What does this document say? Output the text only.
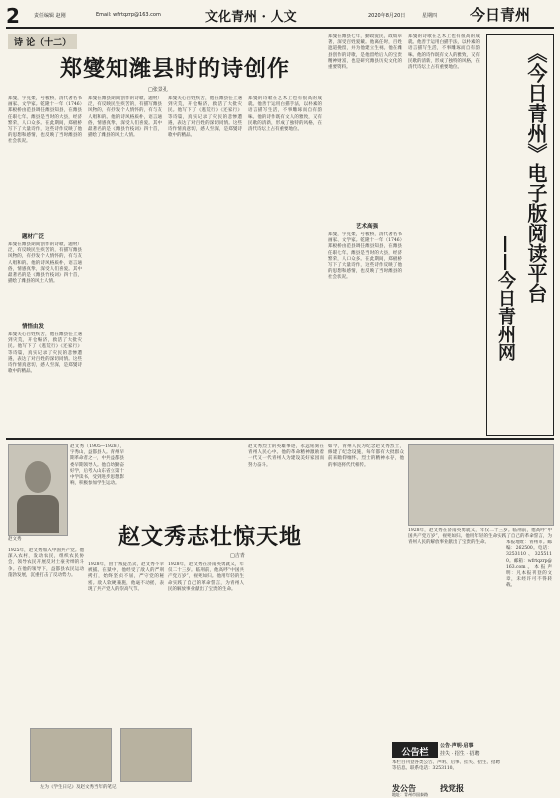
2	责任编辑 赵刚	Email: wfrtqzrp@163.com	文化青州 · 人文	2020年8月20日	星期四 今日青州
诗 论（十二）
郑燮知潍县时的诗创作
□张景孔
郑燮，字克柔，号板桥，清代著名书画家、文学家。乾隆十一年（1746）郑板桥由范县调任潍县知县，在潍县任职七年。潍县是当时的大县，经济繁荣，人口众多。在此期间，郑板桥写下了大量诗作，这些诗作反映了他的思想和感情，也反映了当时潍县的社会状况。
题材广泛
郑燮在潍县期间创作的诗歌，题材广泛，有反映民生疾苦的，有描写潍县风物的，有抒发个人情怀的，有与友人唱和的。他的诗风格质朴，语言通俗，情感真挚，深受人们喜爱。其中最著名的是《潍县竹枝词》四十首，描绘了潍县的风土人情。
情悟由发
郑燮关心百姓疾苦，他在潍县任上遇到灾荒，开仓赈济，救活了大批灾民。他写下了《逃荒行》《还家行》等诗篇，真实记录了灾民的悲惨遭遇，表达了对百姓的深切同情。这些诗作情真意切，感人至深，是郑燮诗歌中的精品。
郑燮在潍县期间创作的诗歌，题材广泛，有反映民生疾苦的，有描写潍县风物的，有抒发个人情怀的，有与友人唱和的。他的诗风格质朴，语言通俗，情感真挚，深受人们喜爱。其中最著名的是《潍县竹枝词》四十首，描绘了潍县的风土人情。
郑燮关心百姓疾苦，他在潍县任上遇到灾荒，开仓赈济，救活了大批灾民。他写下了《逃荒行》《还家行》等诗篇，真实记录了灾民的悲惨遭遇，表达了对百姓的深切同情。这些诗作情真意切，感人至深，是郑燮诗歌中的精品。
郑燮的诗歌在艺术上也有很高的成就。他善于运用白描手法，以朴素的语言描写生活，不事雕琢而自有韵味。他的诗作既有文人的雅致，又有民歌的清新，形成了独特的风格，在清代诗坛上占有重要地位。
郑燮在潍县七年，勤政爱民，政绩卓著，深受百姓爱戴。他离任时，百姓遮道挽留，并为他建立生祠。他在潍县创作的诗歌，是他留给后人的宝贵精神财富，也是研究潍县历史文化的重要资料。
艺术高强
郑燮，字克柔，号板桥，清代著名书画家、文学家。乾隆十一年（1746）郑板桥由范县调任潍县知县，在潍县任职七年。潍县是当时的大县，经济繁荣，人口众多。在此期间，郑板桥写下了大量诗作，这些诗作反映了他的思想和感情，也反映了当时潍县的社会状况。
郑燮的诗歌在艺术上也有很高的成就。他善于运用白描手法，以朴素的语言描写生活，不事雕琢而自有韵味。他的诗作既有文人的雅致，又有民歌的清新，形成了独特的风格，在清代诗坛上占有重要地位。	《今日青州》电子版阅读平台
——今日青州网
赵文秀	赵文秀志壮惊天地
□吉青
赵文秀（1905—1928），字秀山，益都县人。青州早期革命者之一，中共益都县委早期领导人。他自幼勤奋好学，后考入山东省立第十中学读书，受到进步思想影响，积极参加学生运动。
1925年，赵文秀加入中国共产党。他深入农村，发动农民，组织农民协会，领导农民开展反对土豪劣绅的斗争。在他的领导下，益都县农民运动蓬勃发展，沉重打击了反动势力。
1928年，由于叛徒出卖，赵文秀不幸被捕。在狱中，他经受了敌人的严刑拷打，始终坚贞不屈，严守党的秘密。敌人软硬兼施，他毫不动摇，表现了共产党人的崇高气节。
1928年，赵文秀在济南英勇就义，年仅二十三岁。临刑前，他高呼“中国共产党万岁”，视死如归。他用年轻的生命实践了自己的革命誓言，为青州人民的解放事业献出了宝贵的生命。
赵文秀烈士的英雄事迹，永远铭刻在青州人民心中。他的革命精神激励着一代又一代青州人为建设美好家园而努力奋斗。
如今，青州人民为纪念赵文秀烈士，修建了纪念设施，每年都有大批群众前来瞻仰缅怀。烈士的精神永存，他的事迹将代代相传。
1928年，赵文秀在济南英勇就义，年仅二十三岁。临刑前，他高呼“中国共产党万岁”，视死如归。他用年轻的生命实践了自己的革命誓言，为青州人民的解放事业献出了宝贵的生命。
左为《学生日记》及赵文秀当年的笔记
公告栏
公告·声明·启事
挂失 · 招生 · 招聘
本栏目刊登各类公告、声明、启事、挂失、招生、招聘等信息。联系电话：3253110。
发公告	找党报
地址：青州市国泰路
本报地址：青州市。邮编：262500。电话：3253110、3255110。邮箱：wfrtqzrp@163.com。本报声明：凡本报刊登的文章，未经许可不得转载。
